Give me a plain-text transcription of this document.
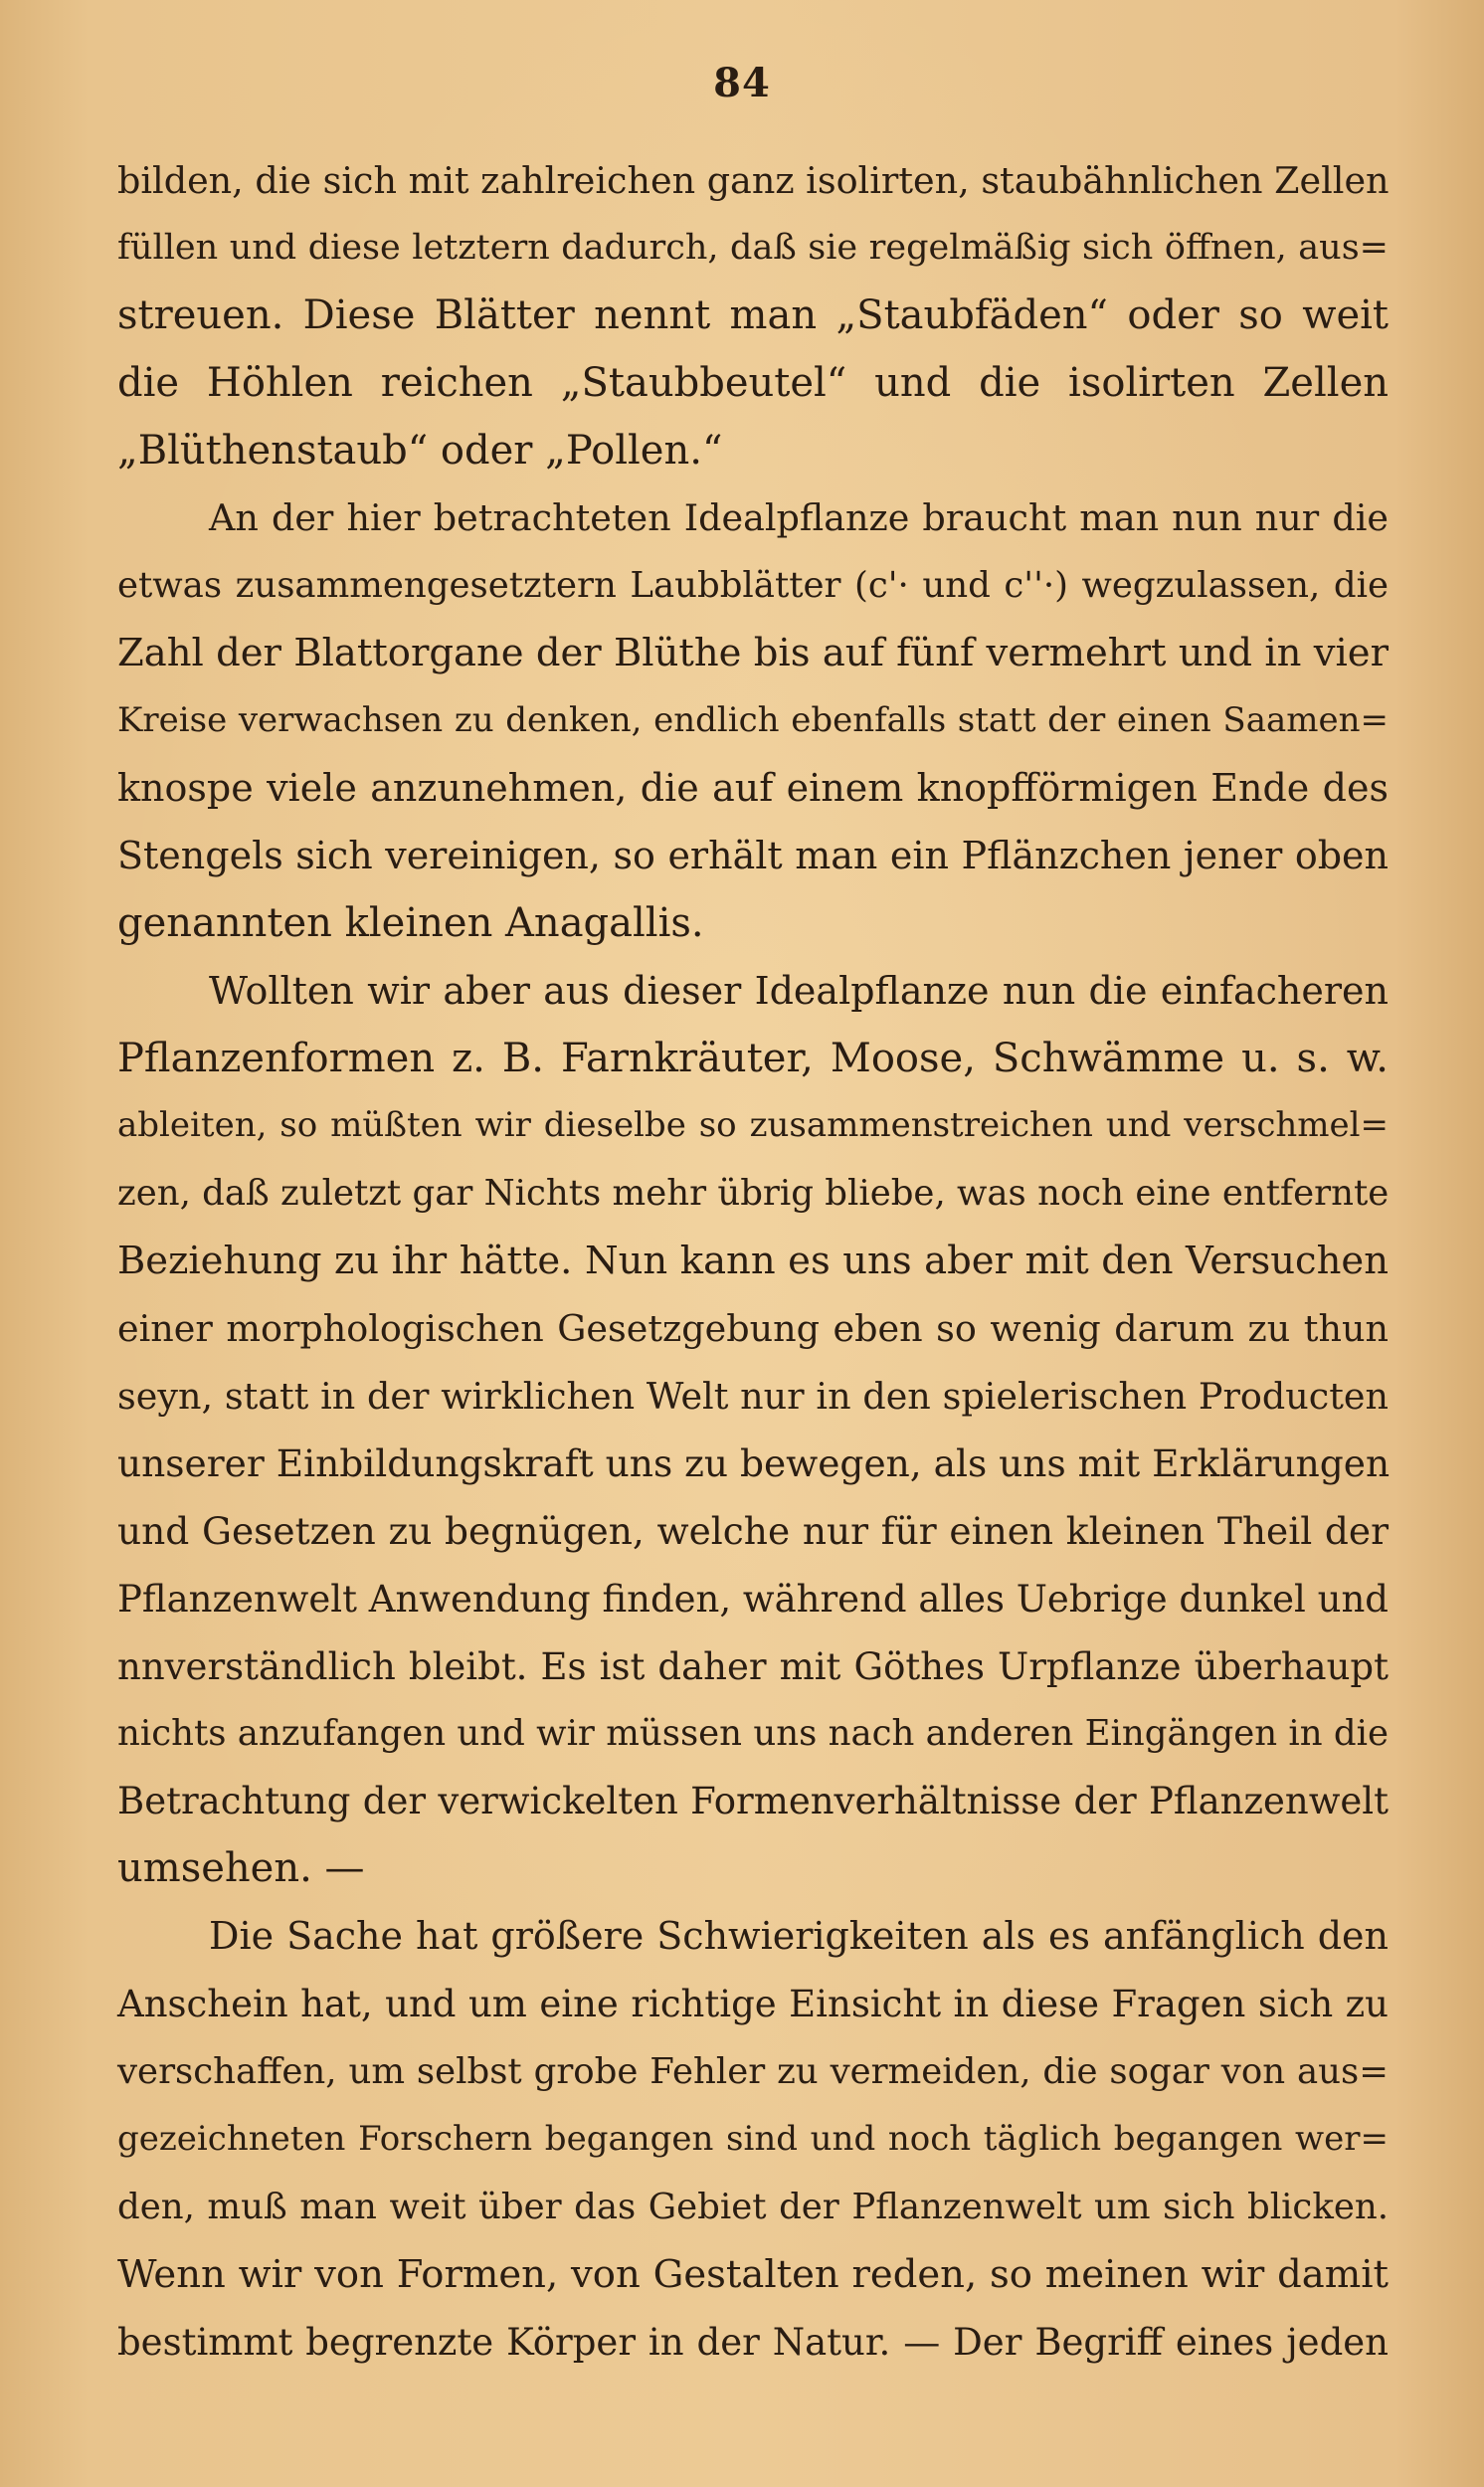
84
bilden, die sich mit zahlreichen ganz isolirten, staubähnlichen Zellen
füllen und diese letztern dadurch, daß sie regelmäßig sich öffnen, aus=
streuen. Diese Blätter nennt man „Staubfäden“ oder so weit
die Höhlen reichen „Staubbeutel“ und die isolirten Zellen
„Blüthenstaub“ oder „Pollen.“
An der hier betrachteten Idealpflanze braucht man nun nur die
etwas zusammengesetztern Laubblätter (c'· und c''·) wegzulassen, die
Zahl der Blattorgane der Blüthe bis auf fünf vermehrt und in vier
Kreise verwachsen zu denken, endlich ebenfalls statt der einen Saamen=
knospe viele anzunehmen, die auf einem knopfförmigen Ende des
Stengels sich vereinigen, so erhält man ein Pflänzchen jener oben
genannten kleinen Anagallis.
Wollten wir aber aus dieser Idealpflanze nun die einfacheren
Pflanzenformen z. B. Farnkräuter, Moose, Schwämme u. s. w.
ableiten, so müßten wir dieselbe so zusammenstreichen und verschmel=
zen, daß zuletzt gar Nichts mehr übrig bliebe, was noch eine entfernte
Beziehung zu ihr hätte. Nun kann es uns aber mit den Versuchen
einer morphologischen Gesetzgebung eben so wenig darum zu thun
seyn, statt in der wirklichen Welt nur in den spielerischen Producten
unserer Einbildungskraft uns zu bewegen, als uns mit Erklärungen
und Gesetzen zu begnügen, welche nur für einen kleinen Theil der
Pflanzenwelt Anwendung finden, während alles Uebrige dunkel und
nnverständlich bleibt. Es ist daher mit Göthes Urpflanze überhaupt
nichts anzufangen und wir müssen uns nach anderen Eingängen in die
Betrachtung der verwickelten Formenverhältnisse der Pflanzenwelt
umsehen. —
Die Sache hat größere Schwierigkeiten als es anfänglich den
Anschein hat, und um eine richtige Einsicht in diese Fragen sich zu
verschaffen, um selbst grobe Fehler zu vermeiden, die sogar von aus=
gezeichneten Forschern begangen sind und noch täglich begangen wer=
den, muß man weit über das Gebiet der Pflanzenwelt um sich blicken.
Wenn wir von Formen, von Gestalten reden, so meinen wir damit
bestimmt begrenzte Körper in der Natur. — Der Begriff eines jeden
